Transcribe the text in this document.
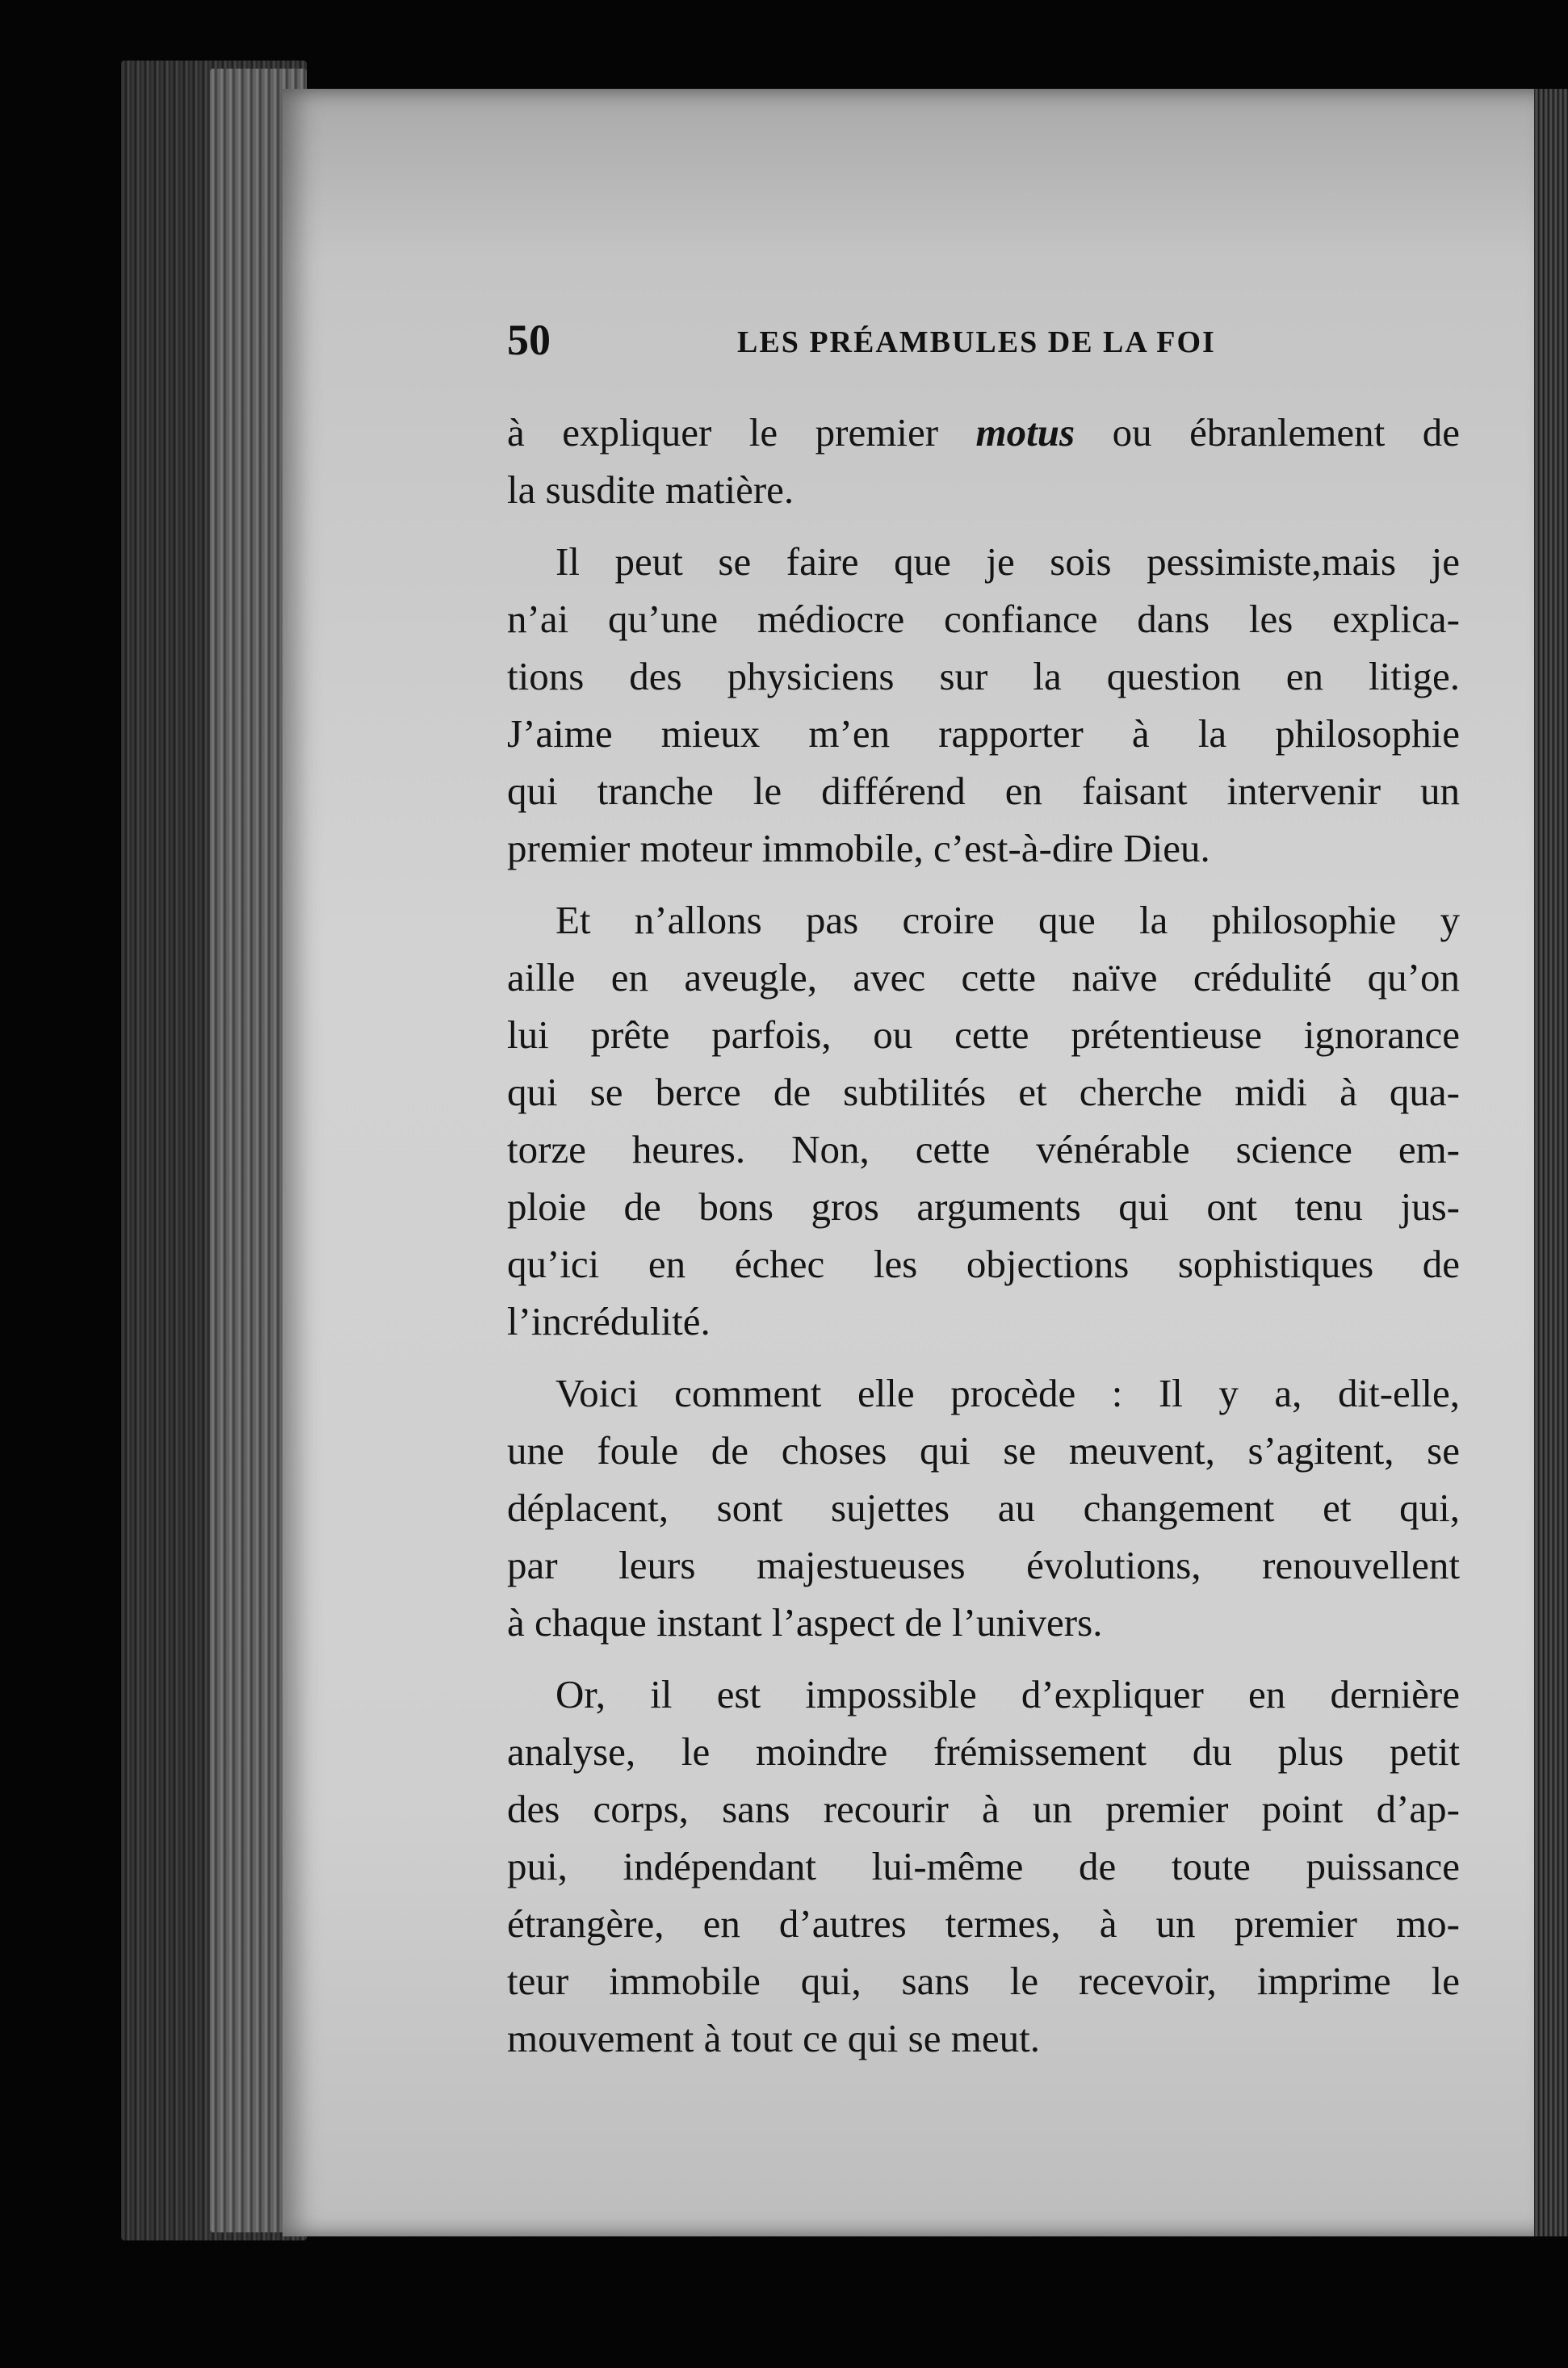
50	LES PRÉAMBULES DE LA FOI
à expliquer le premier motus ou ébranlement de
la susdite matière.
Il peut se faire que je sois pessimiste,mais je
n’ai qu’une médiocre confiance dans les explica-
tions des physiciens sur la question en litige.
J’aime mieux m’en rapporter à la philosophie
qui tranche le différend en faisant intervenir un
premier moteur immobile, c’est-à-dire Dieu.
Et n’allons pas croire que la philosophie y
aille en aveugle, avec cette naïve crédulité qu’on
lui prête parfois, ou cette prétentieuse ignorance
qui se berce de subtilités et cherche midi à qua-
torze heures. Non, cette vénérable science em-
ploie de bons gros arguments qui ont tenu jus-
qu’ici en échec les objections sophistiques de
l’incrédulité.
Voici comment elle procède : Il y a, dit-elle,
une foule de choses qui se meuvent, s’agitent, se
déplacent, sont sujettes au changement et qui,
par leurs majestueuses évolutions, renouvellent
à chaque instant l’aspect de l’univers.
Or, il est impossible d’expliquer en dernière
analyse, le moindre frémissement du plus petit
des corps, sans recourir à un premier point d’ap-
pui, indépendant lui-même de toute puissance
étrangère, en d’autres termes, à un premier mo-
teur immobile qui, sans le recevoir, imprime le
mouvement à tout ce qui se meut.
